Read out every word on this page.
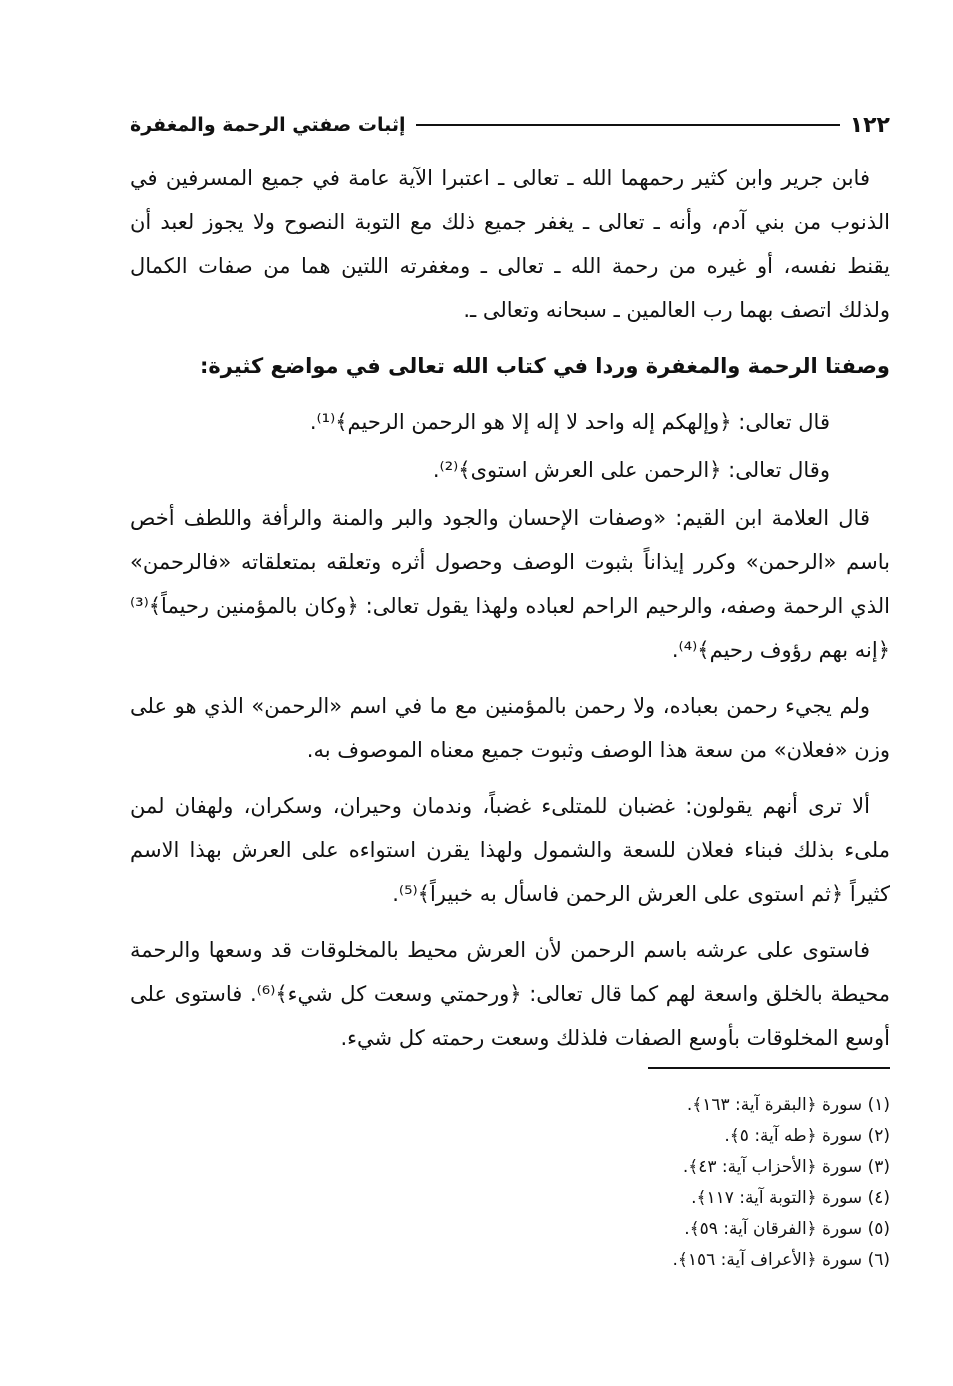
١٢٢
إثبات صفتي الرحمة والمغفرة

فابن جرير وابن كثير رحمهما الله ـ تعالى ـ اعتبرا الآية عامة في جميع المسرفين في الذنوب من بني آدم، وأنه ـ تعالى ـ يغفر جميع ذلك مع التوبة النصوح ولا يجوز لعبد أن يقنط نفسه، أو غيره من رحمة الله ـ تعالى ـ ومغفرته اللتين هما من صفات الكمال ولذلك اتصف بهما رب العالمين ـ سبحانه وتعالى ـ.

وصفتا الرحمة والمغفرة وردا في كتاب الله تعالى في مواضع كثيرة:

قال تعالى: ﴿وإلهكم إله واحد لا إله إلا هو الرحمن الرحيم﴾⁽¹⁾.

وقال تعالى: ﴿الرحمن على العرش استوى﴾⁽²⁾.

قال العلامة ابن القيم: «وصفات الإحسان والجود والبر والمنة والرأفة واللطف أخص باسم «الرحمن» وكرر إيذاناً بثبوت الوصف وحصول أثره وتعلقه بمتعلقاته «فالرحمن» الذي الرحمة وصفه، والرحيم الراحم لعباده ولهذا يقول تعالى: ﴿وكان بالمؤمنين رحيماً﴾⁽³⁾ ﴿إنه بهم رؤوف رحيم﴾⁽⁴⁾.

ولم يجيء رحمن بعباده، ولا رحمن بالمؤمنين مع ما في اسم «الرحمن» الذي هو على وزن «فعلان» من سعة هذا الوصف وثبوت جميع معناه الموصوف به.

ألا ترى أنهم يقولون: غضبان للمتلىء غضباً، وندمان وحيران، وسكران، ولهفان لمن ملىء بذلك فبناء فعلان للسعة والشمول ولهذا يقرن استواءه على العرش بهذا الاسم كثيراً ﴿ثم استوى على العرش الرحمن فاسأل به خبيراً﴾⁽⁵⁾.

فاستوى على عرشه باسم الرحمن لأن العرش محيط بالمخلوقات قد وسعها والرحمة محيطة بالخلق واسعة لهم كما قال تعالى: ﴿ورحمتي وسعت كل شيء﴾⁽⁶⁾. فاستوى على أوسع المخلوقات بأوسع الصفات فلذلك وسعت رحمته كل شيء.

(١) سورة ﴿البقرة آية: ١٦٣﴾.
(٢) سورة ﴿طه آية: ٥﴾.
(٣) سورة ﴿الأحزاب آية: ٤٣﴾.
(٤) سورة ﴿التوبة آية: ١١٧﴾.
(٥) سورة ﴿الفرقان آية: ٥٩﴾.
(٦) سورة ﴿الأعراف آية: ١٥٦﴾.
